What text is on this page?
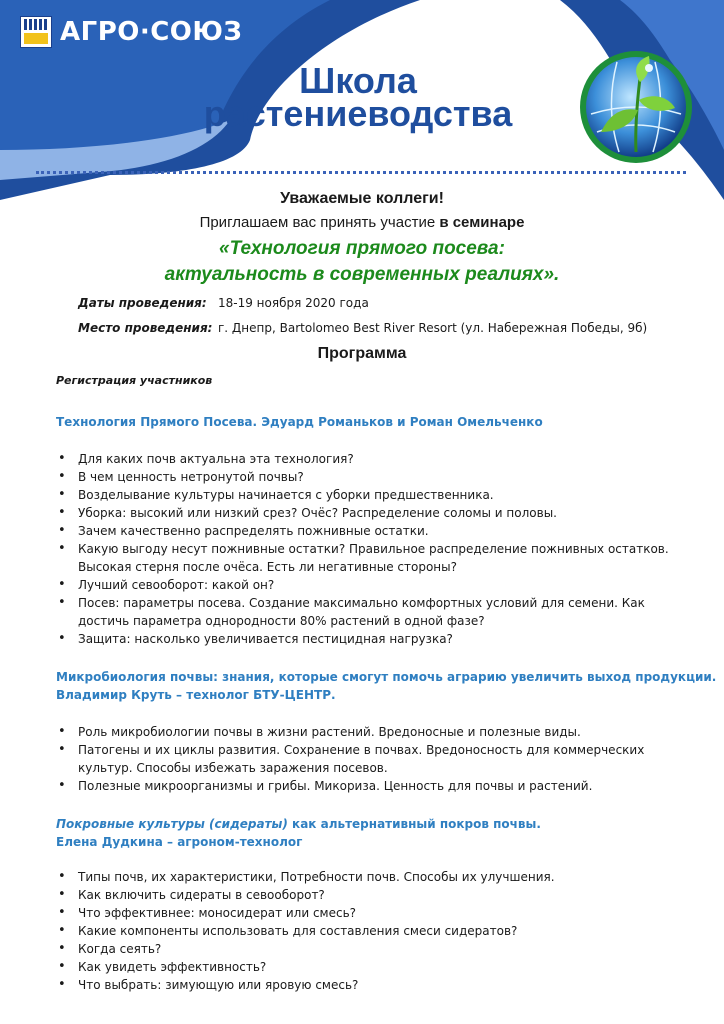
АГРО·СОЮЗ
Школа
растениеводства
Уважаемые коллеги!
Приглашаем вас принять участие в семинаре
«Технология прямого посева:
актуальность в современных реалиях».
Даты проведения: 18-19 ноября 2020 года
Место проведения: г. Днепр, Bartolomeo Best River Resort (ул. Набережная Победы, 9б)
Программа
Регистрация участников
Технология Прямого Посева. Эдуард Романьков и Роман Омельченко
• Для каких почв актуальна эта технология?
• В чем ценность нетронутой почвы?
• Возделывание культуры начинается с уборки предшественника.
• Уборка: высокий или низкий срез? Очёс? Распределение соломы и половы.
• Зачем качественно распределять пожнивные остатки.
• Какую выгоду несут пожнивные остатки? Правильное распределение пожнивных остатков. Высокая стерня после очёса. Есть ли негативные стороны?
• Лучший севооборот: какой он?
• Посев: параметры посева. Создание максимально комфортных условий для семени. Как достичь параметра однородности 80% растений в одной фазе?
• Защита: насколько увеличивается пестицидная нагрузка?
Микробиология почвы: знания, которые смогут помочь аграрию увеличить выход продукции.
Владимир Круть – технолог БТУ-ЦЕНТР.
• Роль микробиологии почвы в жизни растений. Вредоносные и полезные виды.
• Патогены и их циклы развития. Сохранение в почвах. Вредоносность для коммерческих культур. Способы избежать заражения посевов.
• Полезные микроорганизмы и грибы. Микориза. Ценность для почвы и растений.
Покровные культуры (сидераты) как альтернативный покров почвы.
Елена Дудкина – агроном-технолог
• Типы почв, их характеристики, Потребности почв. Способы их улучшения.
• Как включить сидераты в севооборот?
• Что эффективнее: моносидерат или смесь?
• Какие компоненты использовать для составления смеси сидератов?
• Когда сеять?
• Как увидеть эффективность?
• Что выбрать: зимующую или яровую смесь?
